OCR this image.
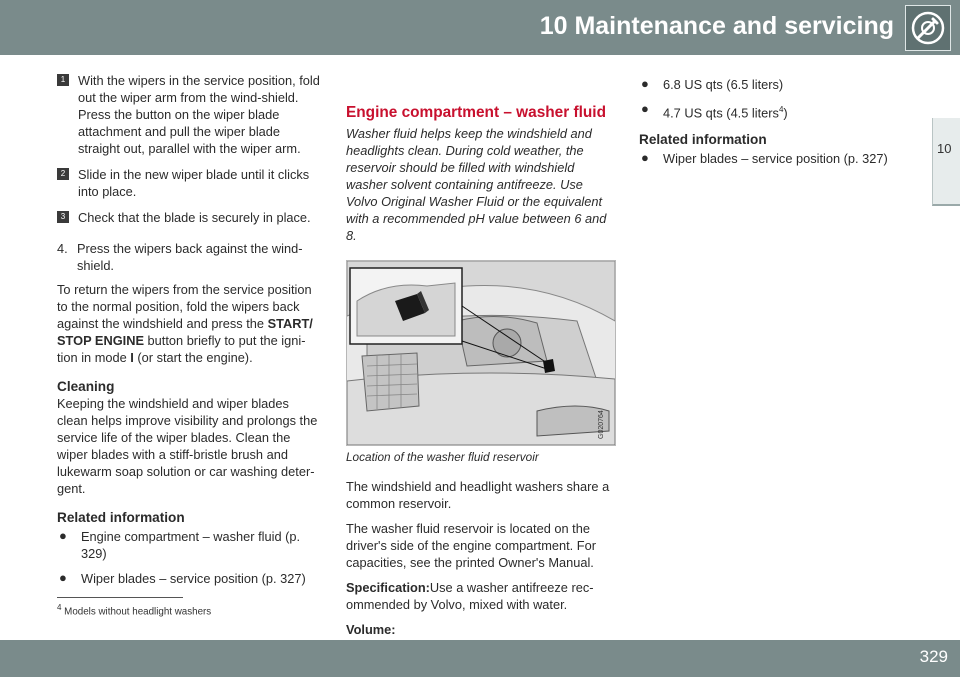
10 Maintenance and servicing
10
1 With the wipers in the service position, fold out the wiper arm from the wind-shield. Press the button on the wiper blade attachment and pull the wiper blade straight out, parallel with the wiper arm.
2 Slide in the new wiper blade until it clicks into place.
3 Check that the blade is securely in place.
4. Press the wipers back against the wind-shield.

To return the wipers from the service position to the normal position, fold the wipers back against the windshield and press the START/ STOP ENGINE button briefly to put the igni-tion in mode I (or start the engine).

Cleaning

Keeping the windshield and wiper blades clean helps improve visibility and prolongs the service life of the wiper blades. Clean the wiper blades with a stiff-bristle brush and lukewarm soap solution or car washing deter-gent.

Related information
● Engine compartment – washer fluid (p. 329)
● Wiper blades – service position (p. 327)
Engine compartment – washer fluid

Washer fluid helps keep the windshield and headlights clean. During cold weather, the reservoir should be filled with windshield washer solvent containing antifreeze. Use Volvo Original Washer Fluid or the equivalent with a recommended pH value between 6 and 8.

G020764
Location of the washer fluid reservoir

The windshield and headlight washers share a common reservoir.

The washer fluid reservoir is located on the driver's side of the engine compartment. For capacities, see the printed Owner's Manual.

Specification:Use a washer antifreeze rec-ommended by Volvo, mixed with water.

Volume:

● 6.8 US qts (6.5 liters)
● 4.7 US qts (4.5 liters$^4$)
Related information
● Wiper blades – service position (p. 327)
$^4$ Models without headlight washers
329
